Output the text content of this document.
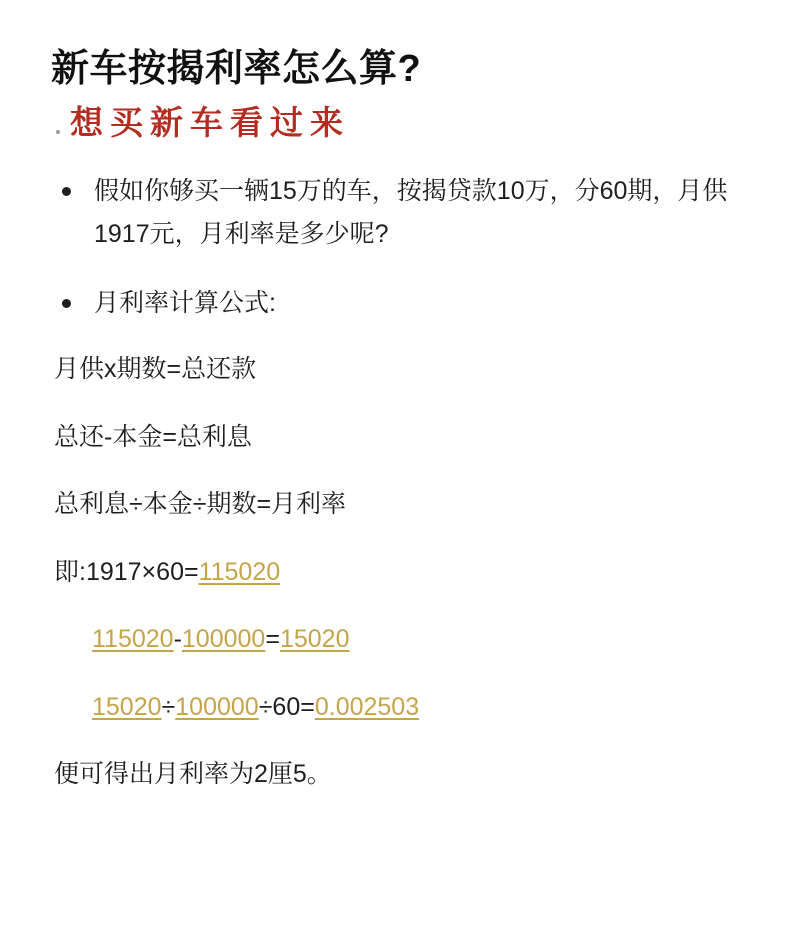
新车按揭利率怎么算?
想买新车看过来
假如你够买一辆15万的车，按揭贷款10万，分60期，月供1917元，月利率是多少呢?
月利率计算公式:
月供x期数=总还款
总还-本金=总利息
总利息÷本金÷期数=月利率
即:1917×60=115020
115020-100000=15020
15020÷100000÷60=0.002503

便可得出月利率为2厘5。
